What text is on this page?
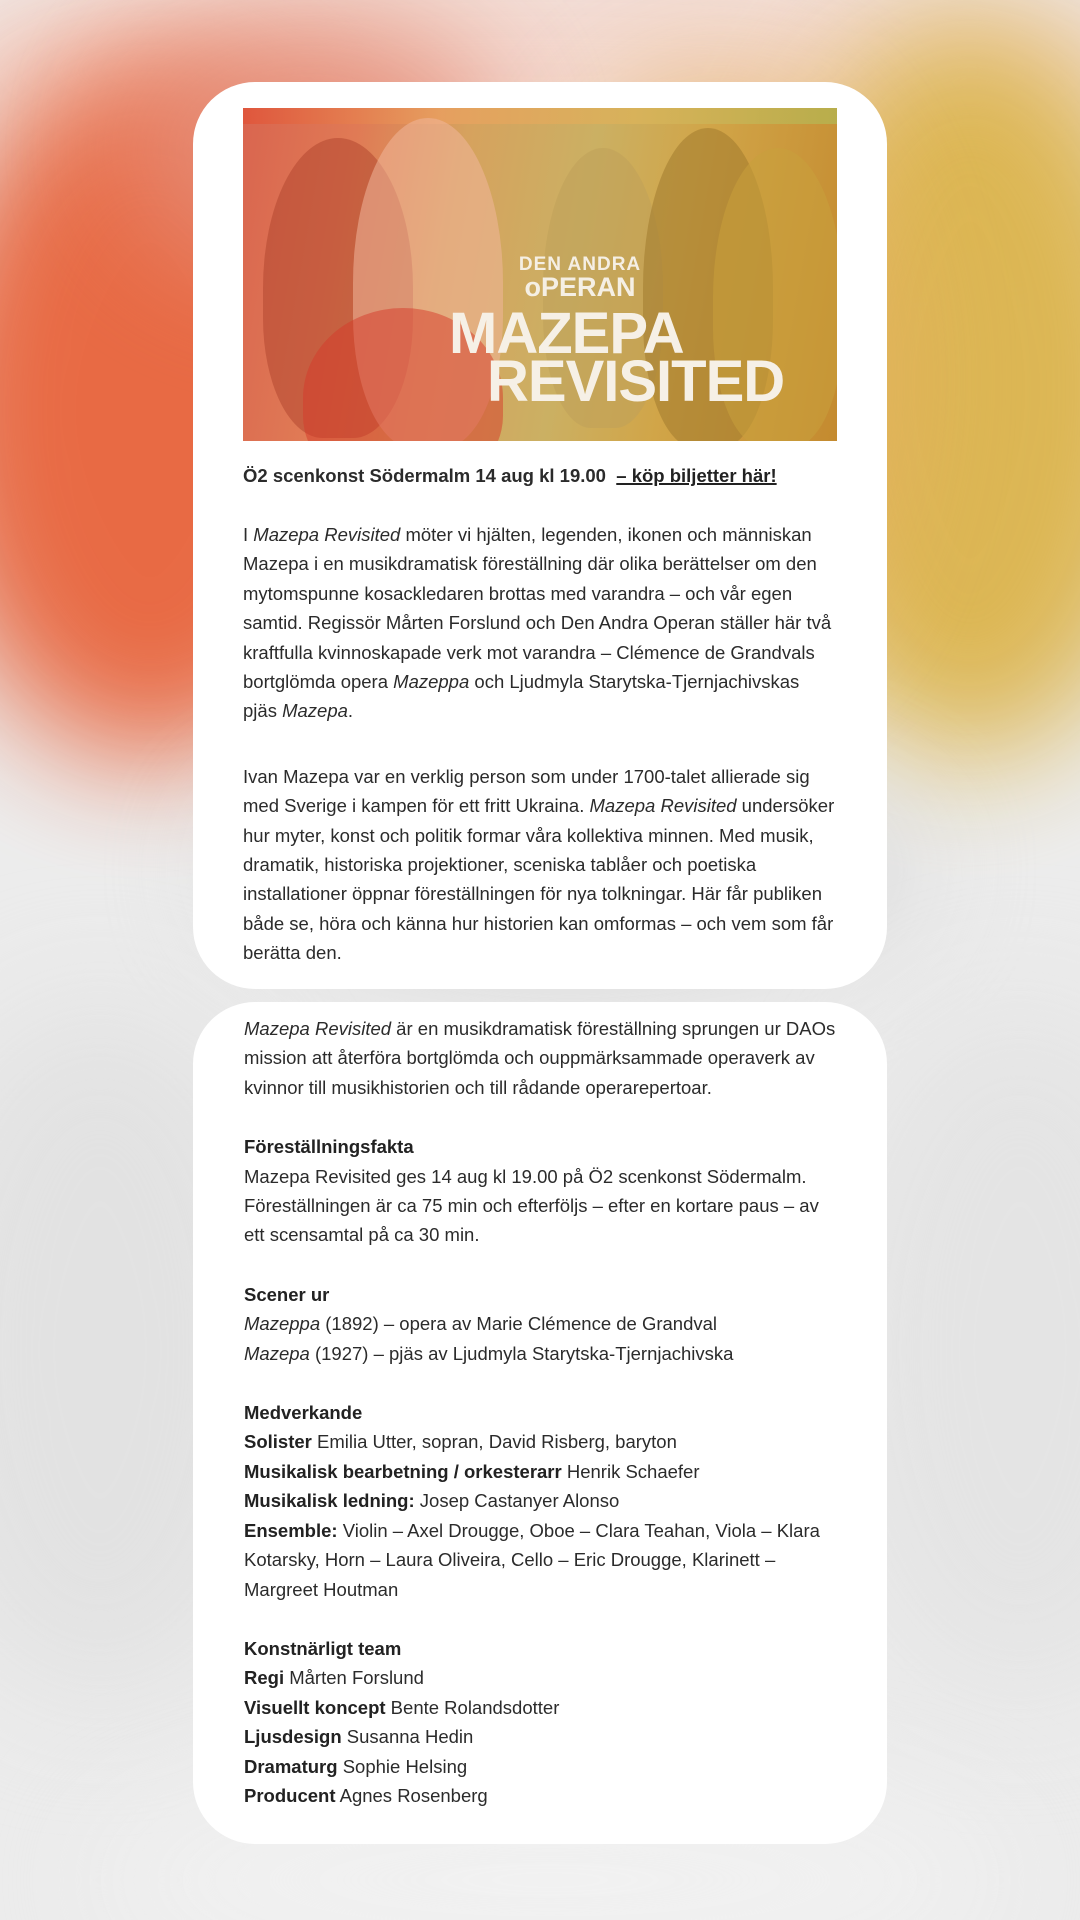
DEN ANDRA
oPERAN
MAZEPA
REVISITED

Ö2 scenkonst Södermalm 14 aug kl 19.00 – köp biljetter här!

I Mazepa Revisited möter vi hjälten, legenden, ikonen och människan Mazepa i en musikdramatisk föreställning där olika berättelser om den mytomspunne kosackledaren brottas med varandra – och vår egen samtid. Regissör Mårten Forslund och Den Andra Operan ställer här två kraftfulla kvinnoskapade verk mot varandra – Clémence de Grandvals bortglömda opera Mazeppa och Ljudmyla Starytska-Tjernjachivskas pjäs Mazepa.

Ivan Mazepa var en verklig person som under 1700-talet allierade sig med Sverige i kampen för ett fritt Ukraina. Mazepa Revisited undersöker hur myter, konst och politik formar våra kollektiva minnen. Med musik, dramatik, historiska projektioner, sceniska tablåer och poetiska installationer öppnar föreställningen för nya tolkningar. Här får publiken både se, höra och känna hur historien kan omformas – och vem som får berätta den.

Mazepa Revisited är en musikdramatisk föreställning sprungen ur DAOs mission att återföra bortglömda och ouppmärksammade operaverk av kvinnor till musikhistorien och till rådande operarepertoar.

Föreställningsfakta
Mazepa Revisited ges 14 aug kl 19.00 på Ö2 scenkonst Södermalm.
Föreställningen är ca 75 min och efterföljs – efter en kortare paus – av ett scensamtal på ca 30 min.

Scener ur
Mazeppa (1892) – opera av Marie Clémence de Grandval
Mazepa (1927) – pjäs av Ljudmyla Starytska-Tjernjachivska

Medverkande
Solister Emilia Utter, sopran, David Risberg, baryton
Musikalisk bearbetning / orkesterarr Henrik Schaefer
Musikalisk ledning: Josep Castanyer Alonso
Ensemble: Violin – Axel Drougge, Oboe – Clara Teahan, Viola – Klara Kotarsky, Horn – Laura Oliveira, Cello – Eric Drougge, Klarinett – Margreet Houtman

Konstnärligt team
Regi Mårten Forslund
Visuellt koncept Bente Rolandsdotter
Ljusdesign Susanna Hedin
Dramaturg Sophie Helsing
Producent Agnes Rosenberg
